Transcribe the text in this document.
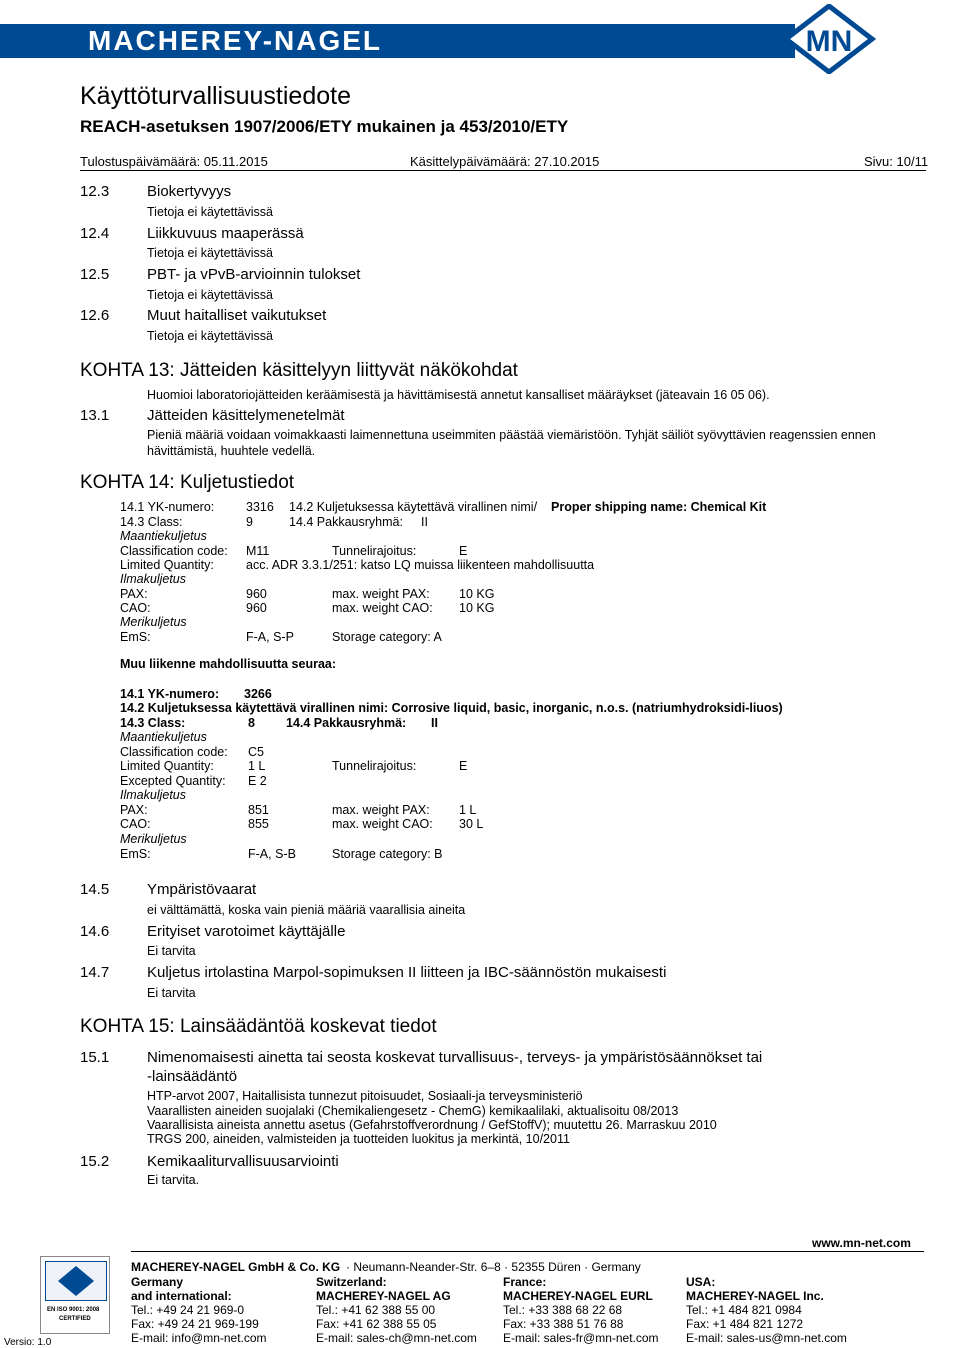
MACHEREY-NAGEL	MN
Käyttöturvallisuustiedote
REACH-asetuksen 1907/2006/ETY mukainen ja 453/2010/ETY
Tulostuspäivämäärä: 05.11.2015	Käsittelypäivämäärä: 27.10.2015	Sivu: 10/11
12.3	Biokertyvyys
Tietoja ei käytettävissä
12.4	Liikkuvuus maaperässä
Tietoja ei käytettävissä
12.5	PBT- ja vPvB-arvioinnin tulokset
Tietoja ei käytettävissä
12.6	Muut haitalliset vaikutukset
Tietoja ei käytettävissä
KOHTA 13: Jätteiden käsittelyyn liittyvät näkökohdat
Huomioi laboratoriojätteiden keräämisestä ja hävittämisestä annetut kansalliset määräykset (jäteavain 16 05 06).
13.1	Jätteiden käsittelymenetelmät
Pieniä määriä voidaan voimakkaasti laimennettuna useimmiten päästää viemäristöön. Tyhjät säiliöt syövyttävien reagenssien ennen
hävittämistä, huuhtele vedellä.
KOHTA 14: Kuljetustiedot
14.1 YK-numero:	3316 14.2 Kuljetuksessa käytettävä virallinen nimi/ Proper shipping name: Chemical Kit
14.3 Class:	9	14.4 Pakkausryhmä: II
Maantiekuljetus
Classification code: M11	Tunnelirajoitus:	E
Limited Quantity:	acc. ADR 3.3.1/251: katso LQ muissa liikenteen mahdollisuutta
Ilmakuljetus
PAX:	960	max. weight PAX: 10 KG
CAO:	960	max. weight CAO: 10 KG
Merikuljetus
EmS:	F-A, S-P	Storage category: A
Muu liikenne mahdollisuutta seuraa:
14.1 YK-numero: 3266
14.2 Kuljetuksessa käytettävä virallinen nimi: Corrosive liquid, basic, inorganic, n.o.s. (natriumhydroksidi-liuos)
14.3 Class:	8 14.4 Pakkausryhmä: II
Maantiekuljetus
Classification code: C5
Limited Quantity:	1 L	Tunnelirajoitus:	E
Excepted Quantity: E 2
Ilmakuljetus
PAX:	851	max. weight PAX: 1 L
CAO:	855	max. weight CAO: 30 L
Merikuljetus
EmS:	F-A, S-B	Storage category: B
14.5	Ympäristövaarat
ei välttämättä, koska vain pieniä määriä vaarallisia aineita
14.6	Erityiset varotoimet käyttäjälle
Ei tarvita
14.7	Kuljetus irtolastina Marpol-sopimuksen II liitteen ja IBC-säännöstön mukaisesti
Ei tarvita
KOHTA 15: Lainsäädäntöä koskevat tiedot
15.1	Nimenomaisesti ainetta tai seosta koskevat turvallisuus-, terveys- ja ympäristösäännökset tai
-lainsäädäntö
HTP-arvot 2007, Haitallisista tunnezut pitoisuudet, Sosiaali-ja terveysministeriö
Vaarallisten aineiden suojalaki (Chemikaliengesetz - ChemG) kemikaalilaki, aktualisoitu 08/2013
Vaarallisista aineista annettu asetus (Gefahrstoffverordnung / GefStoffV); muutettu 26. Marraskuu 2010
TRGS 200, aineiden, valmisteiden ja tuotteiden luokitus ja merkintä, 10/2011
15.2	Kemikaaliturvallisuusarviointi
Ei tarvita.
MACHEREY-NAGEL GmbH & Co. KG · Neumann-Neander-Str. 6–8 · 52355 Düren · Germany
www.mn-net.com
EN ISO 9001: 2008
CERTIFIED
Versio: 1.0
Germany
and international:
Tel.: +49 24 21 969-0
Fax: +49 24 21 969-199
E-mail: info@mn-net.com
Switzerland:
MACHEREY-NAGEL AG
Tel.: +41 62 388 55 00
Fax: +41 62 388 55 05
E-mail: sales-ch@mn-net.com
France:
MACHEREY-NAGEL EURL
Tel.: +33 388 68 22 68
Fax: +33 388 51 76 88
E-mail: sales-fr@mn-net.com
USA:
MACHEREY-NAGEL Inc.
Tel.: +1 484 821 0984
Fax: +1 484 821 1272
E-mail: sales-us@mn-net.com
